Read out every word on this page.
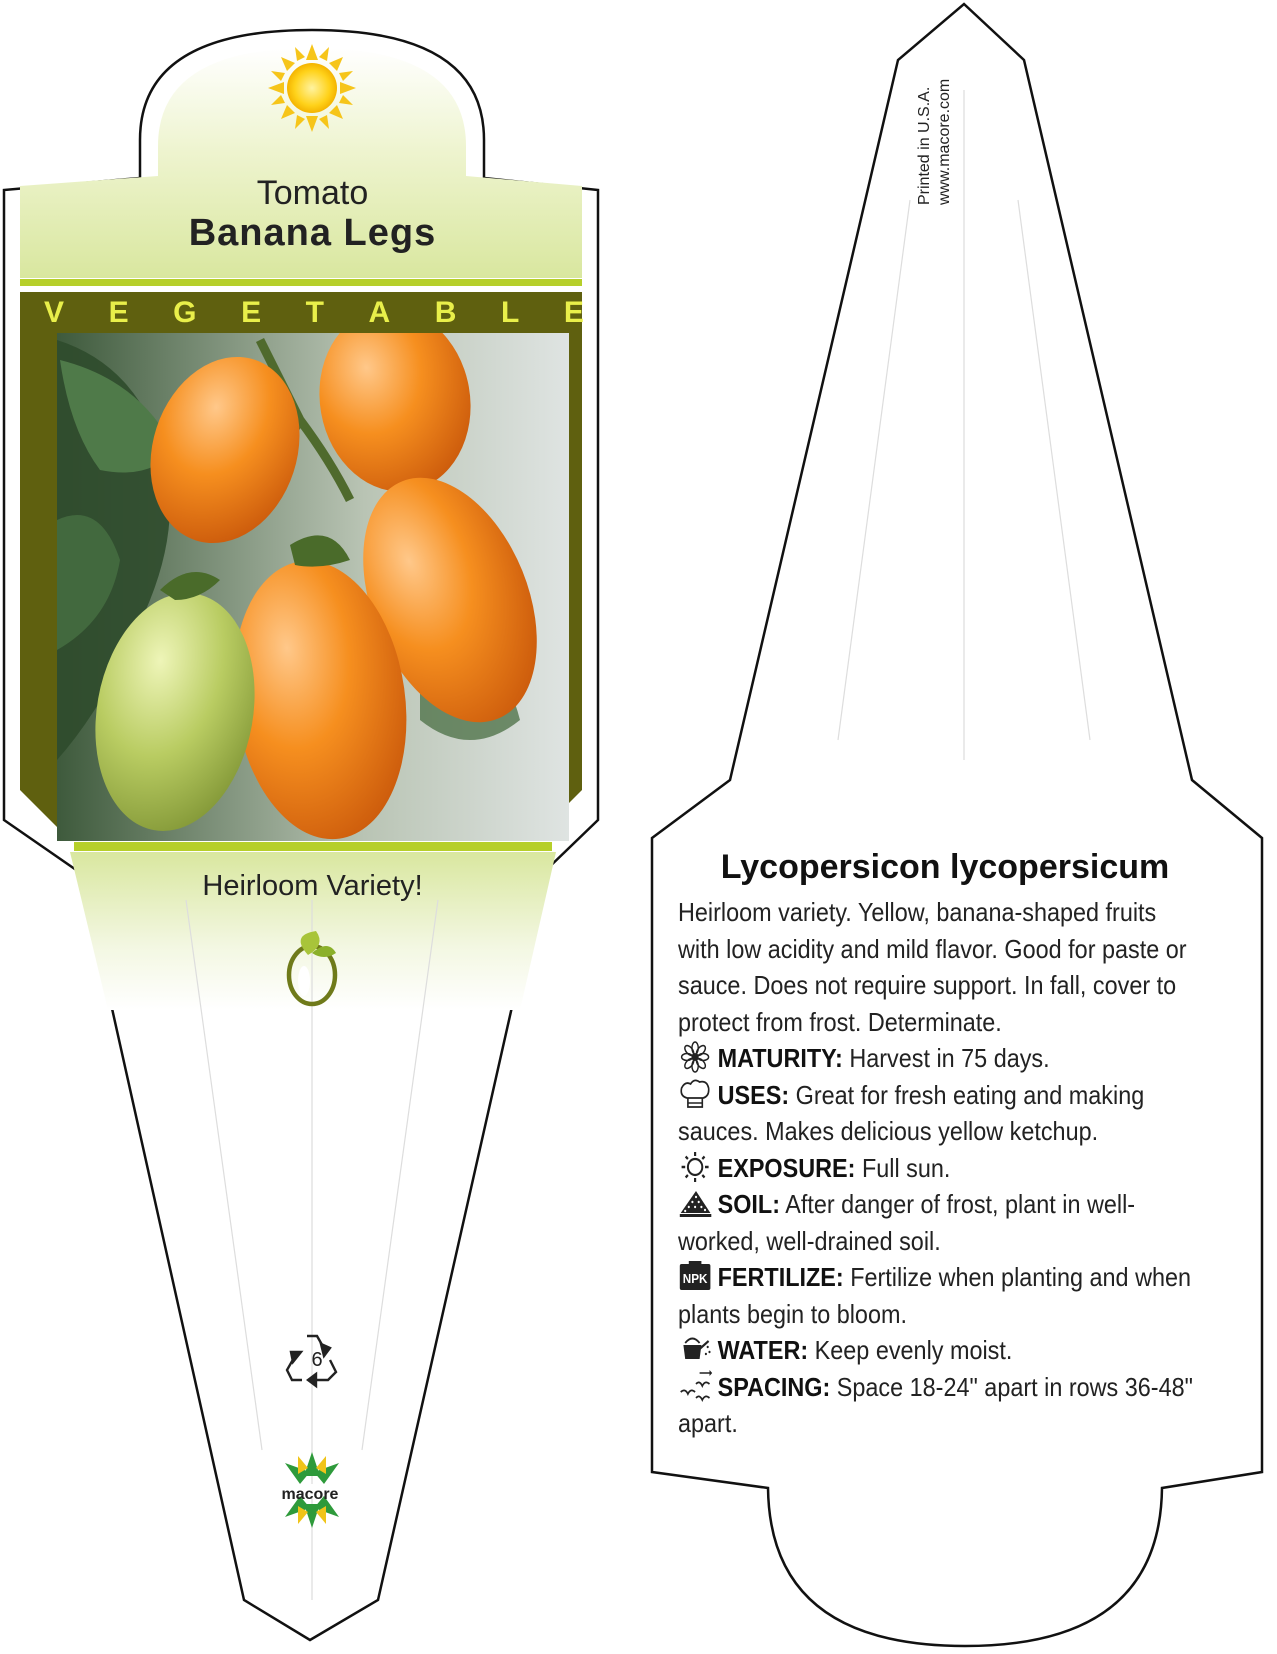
Tomato
Banana Legs
V E G E T A B L E
Heirloom Variety!
6
macore
Printed in U.S.A. www.macore.com
Lycopersicon lycopersicum

Heirloom variety. Yellow, banana-shaped fruits with low acidity and mild flavor. Good for paste or sauce. Does not require support. In fall, cover to protect from frost. Determinate.

MATURITY: Harvest in 75 days.

USES: Great for fresh eating and making sauces. Makes delicious yellow ketchup.

EXPOSURE: Full sun.

SOIL: After danger of frost, plant in well-worked, well-drained soil.

NPK FERTILIZE: Fertilize when planting and when plants begin to bloom.

WATER: Keep evenly moist.

SPACING: Space 18-24" apart in rows 36-48" apart.
